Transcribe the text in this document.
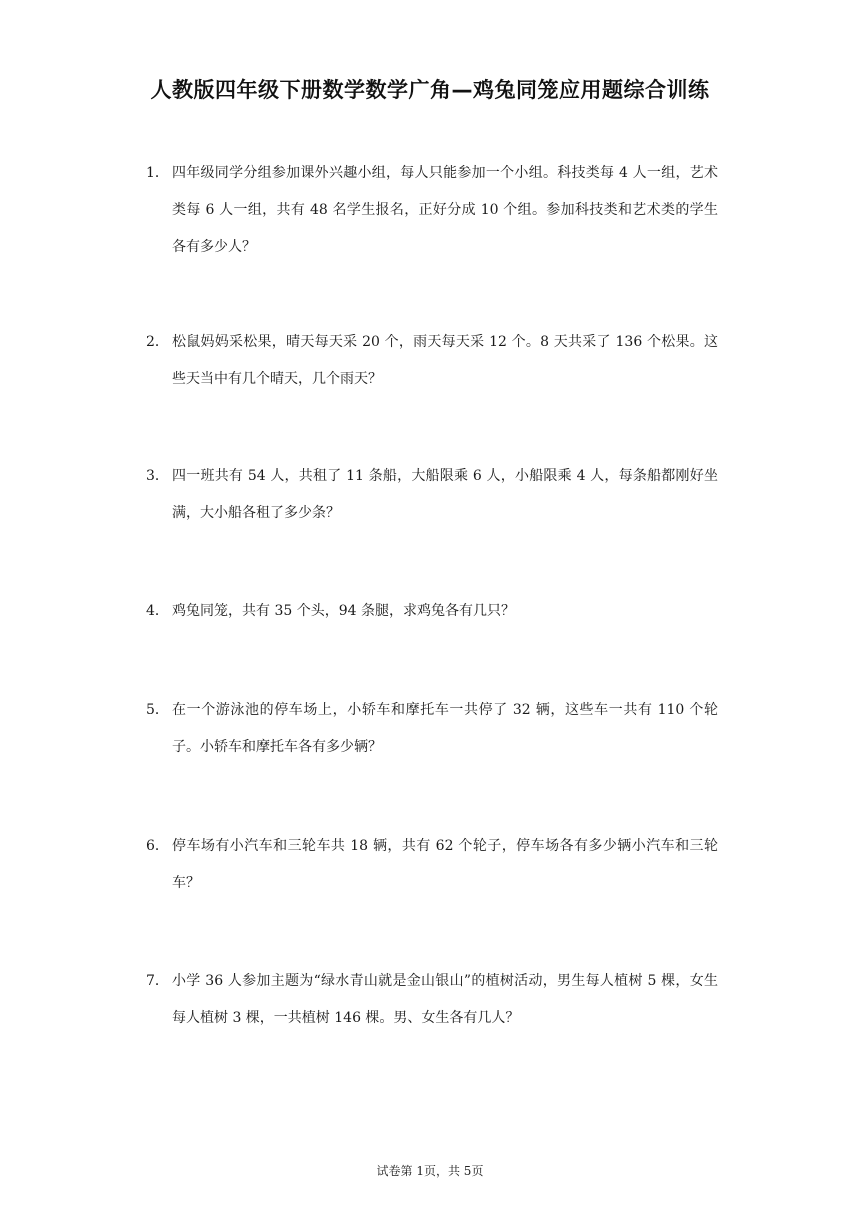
人教版四年级下册数学数学广角—鸡兔同笼应用题综合训练
1． 四年级同学分组参加课外兴趣小组，每人只能参加一个小组。科技类每 4 人一组，艺术类每 6 人一组，共有 48 名学生报名，正好分成 10 个组。参加科技类和艺术类的学生各有多少人？
2． 松鼠妈妈采松果，晴天每天采 20 个，雨天每天采 12 个。8 天共采了 136 个松果。这些天当中有几个晴天，几个雨天？
3． 四一班共有 54 人，共租了 11 条船，大船限乘 6 人，小船限乘 4 人，每条船都刚好坐满，大小船各租了多少条？
4． 鸡兔同笼，共有 35 个头，94 条腿，求鸡兔各有几只？
5． 在一个游泳池的停车场上，小轿车和摩托车一共停了 32 辆，这些车一共有 110 个轮子。小轿车和摩托车各有多少辆？
6． 停车场有小汽车和三轮车共 18 辆，共有 62 个轮子，停车场各有多少辆小汽车和三轮车？
7． 小学 36 人参加主题为“绿水青山就是金山银山”的植树活动，男生每人植树 5 棵，女生每人植树 3 棵，一共植树 146 棵。男、女生各有几人？
试卷第 1页，共 5页
